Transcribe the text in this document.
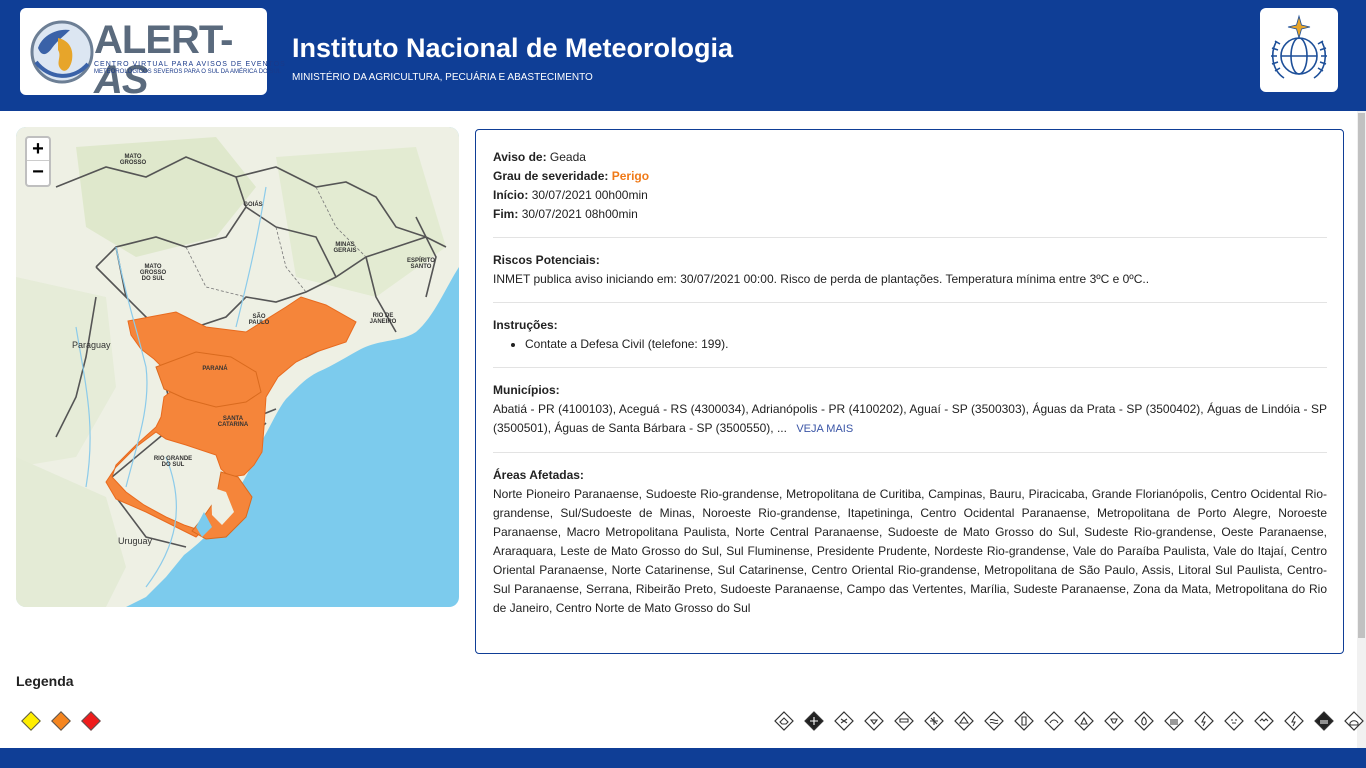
ALERT-AS
CENTRO VIRTUAL PARA AVISOS DE EVENTOS
METEOROLÓGICOS SEVEROS PARA O SUL DA AMÉRICA DO SUL
Instituto Nacional de Meteorologia
MINISTÉRIO DA AGRICULTURA, PECUÁRIA E ABASTECIMENTO
+
−
MATO
GROSSO
GOIÁS
MINAS
GERAIS
ESPÍRITO
SANTO
MATO
GROSSO
DO SUL
SÃO
PAULO
RIO DE
JANEIRO
PARANÁ
SANTA
CATARINA
RIO GRANDE
DO SUL
Paraguay
Uruguay
Aviso de: Geada
Grau de severidade: Perigo
Início: 30/07/2021 00h00min
Fim: 30/07/2021 08h00min
Riscos Potenciais:
INMET publica aviso iniciando em: 30/07/2021 00:00. Risco de perda de plantações. Temperatura mínima entre 3ºC e 0ºC..
Instruções:
• Contate a Defesa Civil (telefone: 199).
Municípios:
Abatiá - PR (4100103), Aceguá - RS (4300034), Adrianópolis - PR (4100202), Aguaí - SP (3500303), Águas da Prata - SP (3500402), Águas de Lindóia - SP (3500501), Águas de Santa Bárbara - SP (3500550), ... VEJA MAIS
Áreas Afetadas:
Norte Pioneiro Paranaense, Sudoeste Rio-grandense, Metropolitana de Curitiba, Campinas, Bauru, Piracicaba, Grande Florianópolis, Centro Ocidental Rio-grandense, Sul/Sudoeste de Minas, Noroeste Rio-grandense, Itapetininga, Centro Ocidental Paranaense, Metropolitana de Porto Alegre, Noroeste Paranaense, Macro Metropolitana Paulista, Norte Central Paranaense, Sudoeste de Mato Grosso do Sul, Sudeste Rio-grandense, Oeste Paranaense, Araraquara, Leste de Mato Grosso do Sul, Sul Fluminense, Presidente Prudente, Nordeste Rio-grandense, Vale do Paraíba Paulista, Vale do Itajaí, Centro Oriental Paranaense, Norte Catarinense, Sul Catarinense, Centro Oriental Rio-grandense, Metropolitana de São Paulo, Assis, Litoral Sul Paulista, Centro-Sul Paranaense, Serrana, Ribeirão Preto, Sudoeste Paranaense, Campo das Vertentes, Marília, Sudeste Paranaense, Zona da Mata, Metropolitana do Rio de Janeiro, Centro Norte de Mato Grosso do Sul
Legenda
